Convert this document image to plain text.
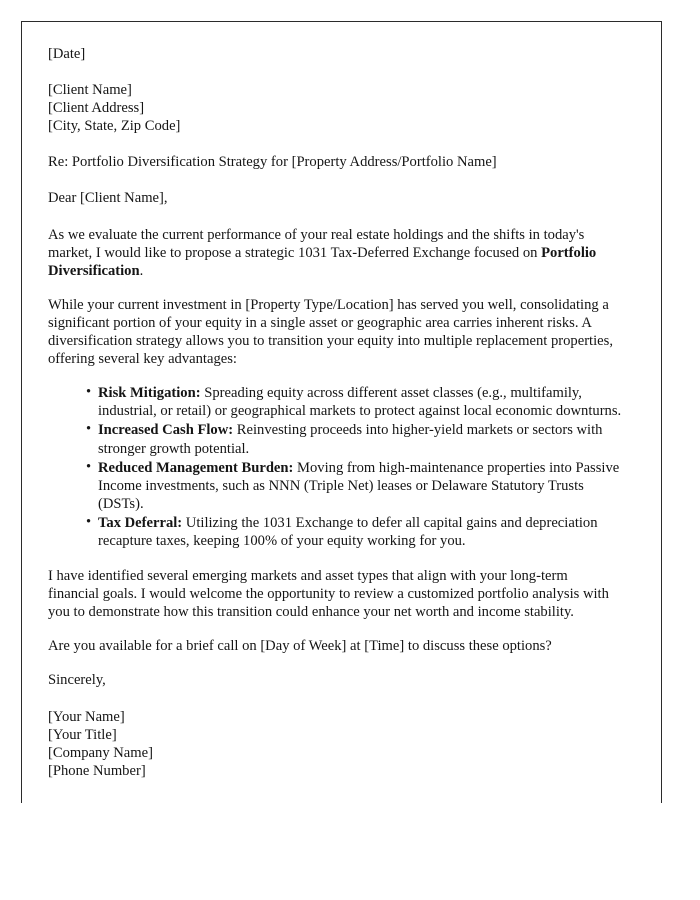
[Date]
[Client Name]
[Client Address]
[City, State, Zip Code]
Re: Portfolio Diversification Strategy for [Property Address/Portfolio Name]
Dear [Client Name],

As we evaluate the current performance of your real estate holdings and the shifts in today's market, I would like to propose a strategic 1031 Tax-Deferred Exchange focused on Portfolio Diversification.

While your current investment in [Property Type/Location] has served you well, consolidating a significant portion of your equity in a single asset or geographic area carries inherent risks. A diversification strategy allows you to transition your equity into multiple replacement properties, offering several key advantages:

• Risk Mitigation: Spreading equity across different asset classes (e.g., multifamily, industrial, or retail) or geographical markets to protect against local economic downturns.
• Increased Cash Flow: Reinvesting proceeds into higher-yield markets or sectors with stronger growth potential.
• Reduced Management Burden: Moving from high-maintenance properties into Passive Income investments, such as NNN (Triple Net) leases or Delaware Statutory Trusts (DSTs).
• Tax Deferral: Utilizing the 1031 Exchange to defer all capital gains and depreciation recapture taxes, keeping 100% of your equity working for you.

I have identified several emerging markets and asset types that align with your long-term financial goals. I would welcome the opportunity to review a customized portfolio analysis with you to demonstrate how this transition could enhance your net worth and income stability.

Are you available for a brief call on [Day of Week] at [Time] to discuss these options?

Sincerely,
[Your Name]
[Your Title]
[Company Name]
[Phone Number]
